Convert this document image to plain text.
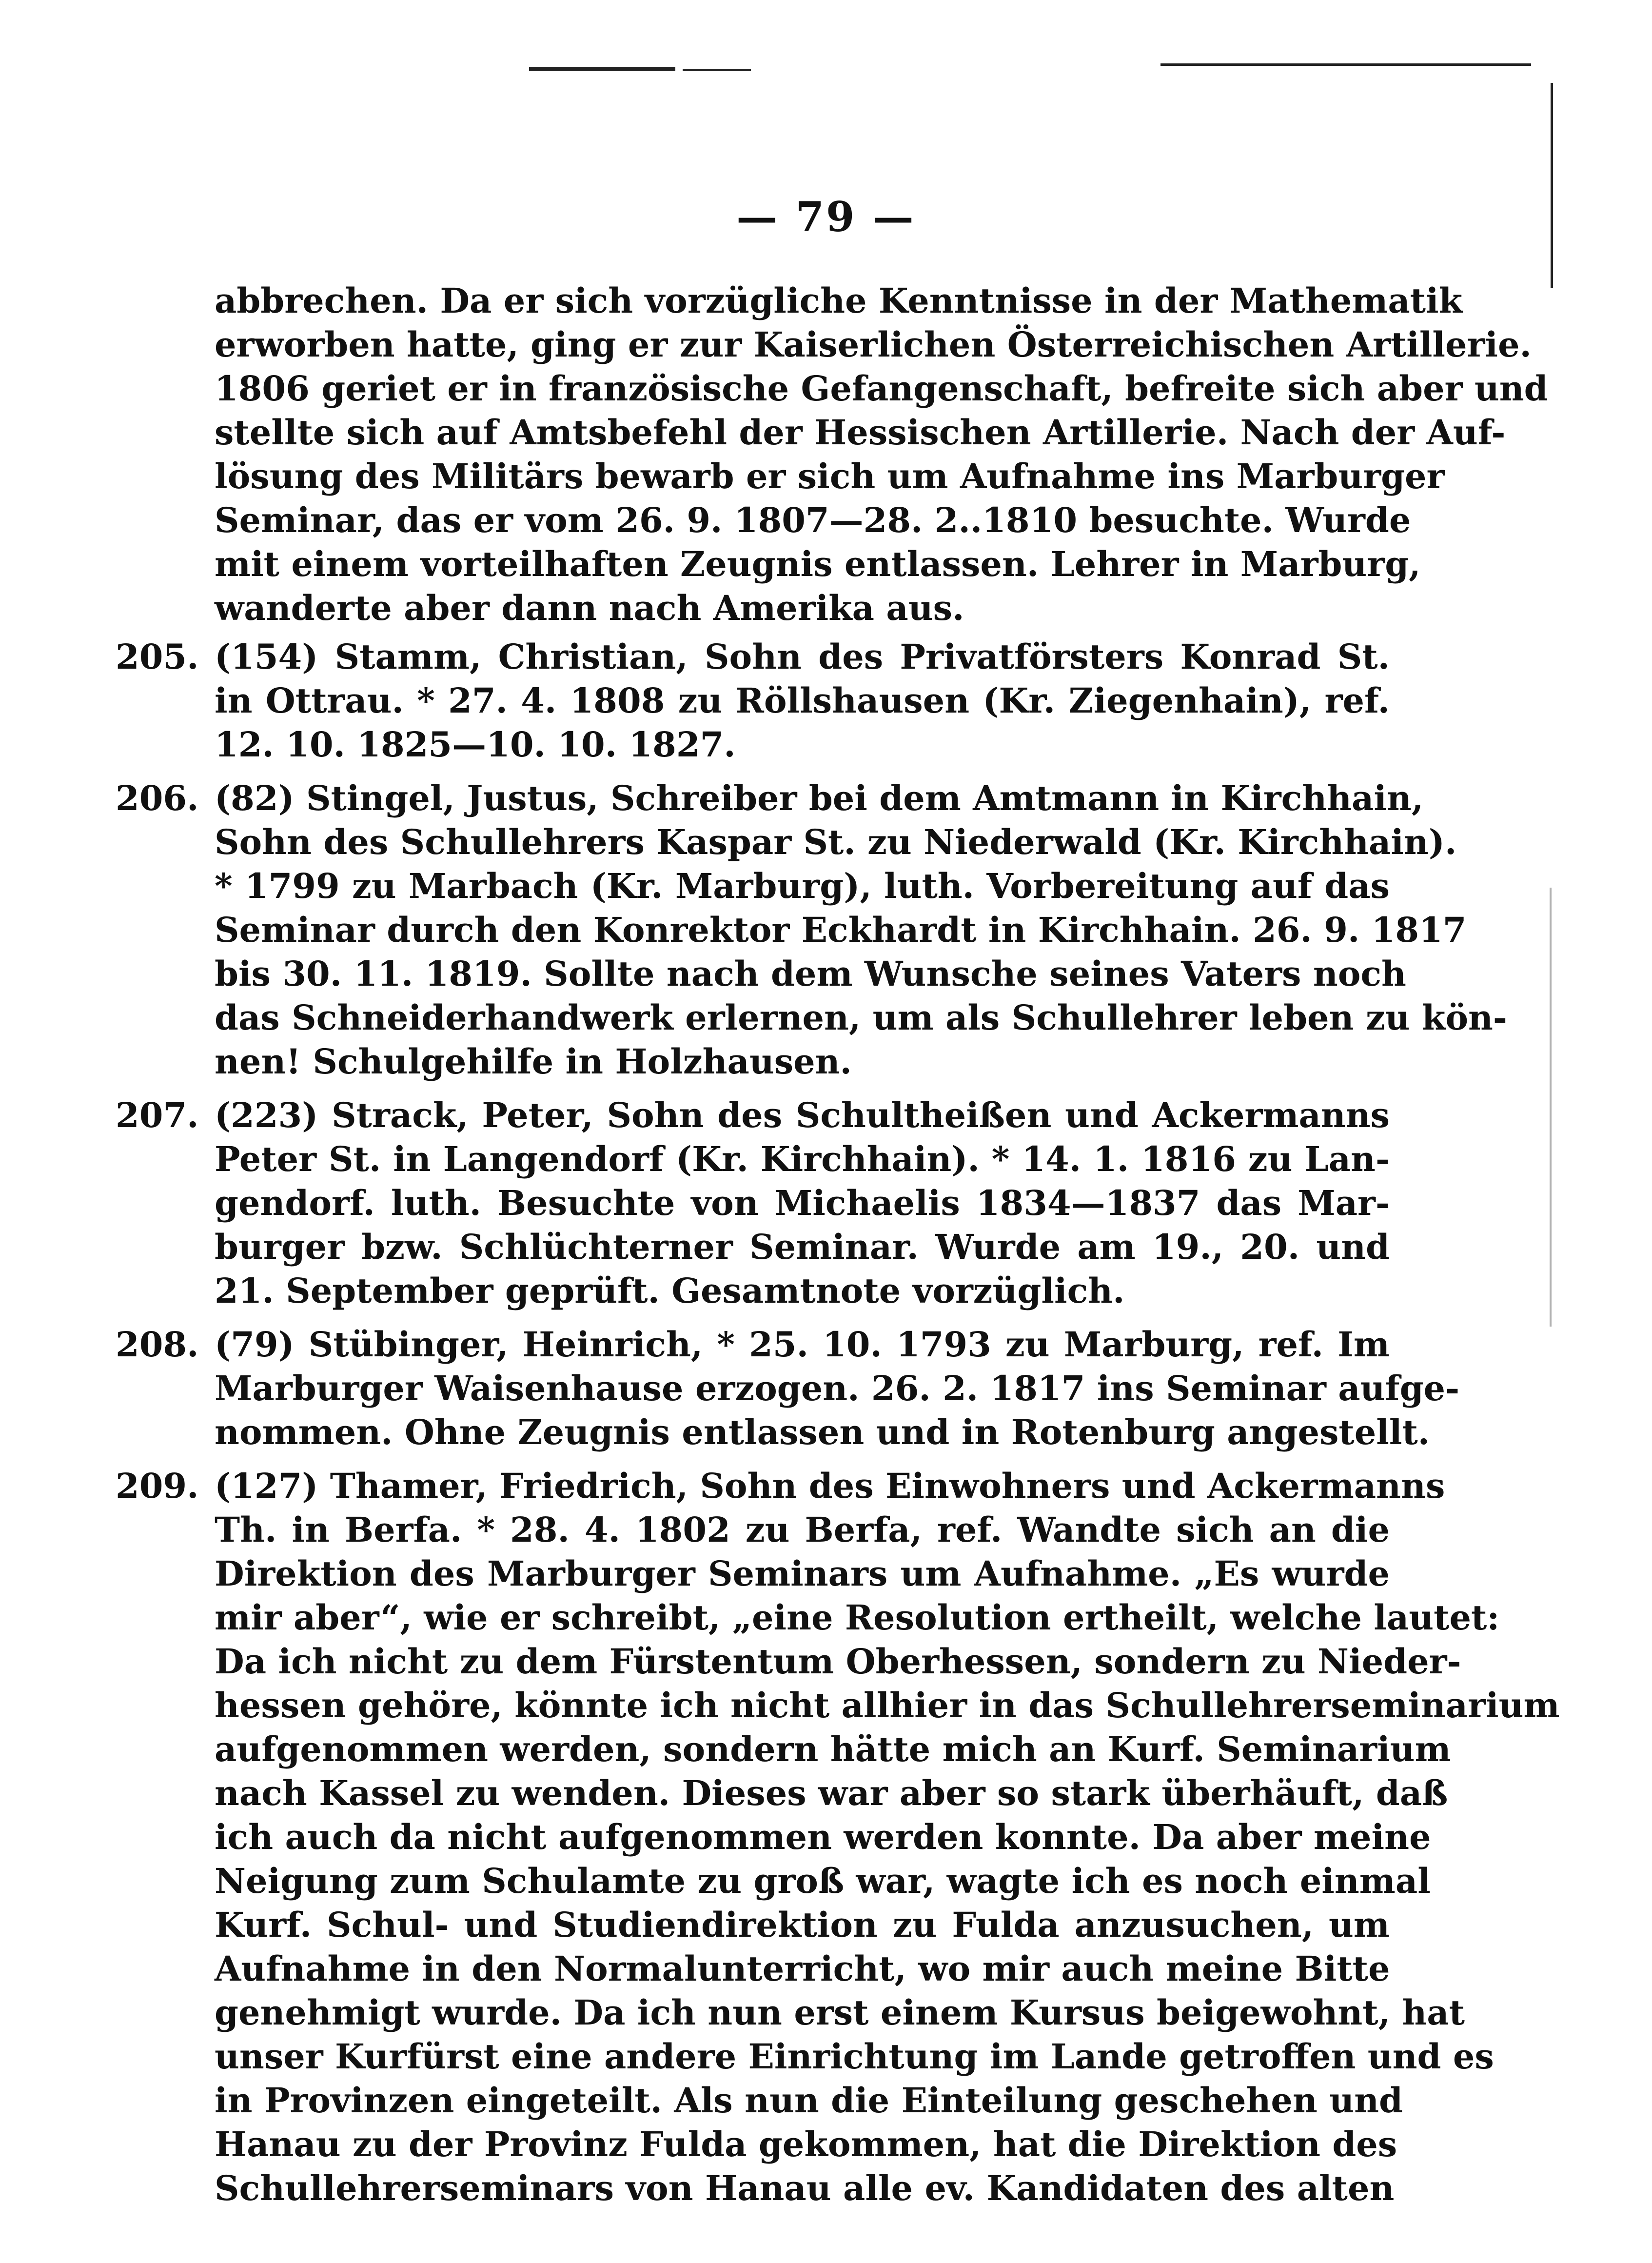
— 79 —
abbrechen. Da er sich vorzügliche Kenntnisse in der Mathematik
erworben hatte, ging er zur Kaiserlichen Österreichischen Artillerie.
1806 geriet er in französische Gefangenschaft, befreite sich aber und
stellte sich auf Amtsbefehl der Hessischen Artillerie. Nach der Auf-
lösung des Militärs bewarb er sich um Aufnahme ins Marburger
Seminar, das er vom 26. 9. 1807—28. 2..1810 besuchte. Wurde
mit einem vorteilhaften Zeugnis entlassen. Lehrer in Marburg,
wanderte aber dann nach Amerika aus.
205. (154) Stamm, Christian, Sohn des Privatförsters Konrad St.
in Ottrau. * 27. 4. 1808 zu Röllshausen (Kr. Ziegenhain), ref.
12. 10. 1825—10. 10. 1827.
206. (82) Stingel, Justus, Schreiber bei dem Amtmann in Kirchhain,
Sohn des Schullehrers Kaspar St. zu Niederwald (Kr. Kirchhain).
* 1799 zu Marbach (Kr. Marburg), luth. Vorbereitung auf das
Seminar durch den Konrektor Eckhardt in Kirchhain. 26. 9. 1817
bis 30. 11. 1819. Sollte nach dem Wunsche seines Vaters noch
das Schneiderhandwerk erlernen, um als Schullehrer leben zu kön-
nen! Schulgehilfe in Holzhausen.
207. (223) Strack, Peter, Sohn des Schultheißen und Ackermanns
Peter St. in Langendorf (Kr. Kirchhain). * 14. 1. 1816 zu Lan-
gendorf. luth. Besuchte von Michaelis 1834—1837 das Mar-
burger bzw. Schlüchterner Seminar. Wurde am 19., 20. und
21. September geprüft. Gesamtnote vorzüglich.
208. (79) Stübinger, Heinrich, * 25. 10. 1793 zu Marburg, ref. Im
Marburger Waisenhause erzogen. 26. 2. 1817 ins Seminar aufge-
nommen. Ohne Zeugnis entlassen und in Rotenburg angestellt.
209. (127) Thamer, Friedrich, Sohn des Einwohners und Ackermanns
Th. in Berfa. * 28. 4. 1802 zu Berfa, ref. Wandte sich an die
Direktion des Marburger Seminars um Aufnahme. „Es wurde
mir aber“, wie er schreibt, „eine Resolution ertheilt, welche lautet:
Da ich nicht zu dem Fürstentum Oberhessen, sondern zu Nieder-
hessen gehöre, könnte ich nicht allhier in das Schullehrerseminarium
aufgenommen werden, sondern hätte mich an Kurf. Seminarium
nach Kassel zu wenden. Dieses war aber so stark überhäuft, daß
ich auch da nicht aufgenommen werden konnte. Da aber meine
Neigung zum Schulamte zu groß war, wagte ich es noch einmal
Kurf. Schul- und Studiendirektion zu Fulda anzusuchen, um
Aufnahme in den Normalunterricht, wo mir auch meine Bitte
genehmigt wurde. Da ich nun erst einem Kursus beigewohnt, hat
unser Kurfürst eine andere Einrichtung im Lande getroffen und es
in Provinzen eingeteilt. Als nun die Einteilung geschehen und
Hanau zu der Provinz Fulda gekommen, hat die Direktion des
Schullehrerseminars von Hanau alle ev. Kandidaten des alten
